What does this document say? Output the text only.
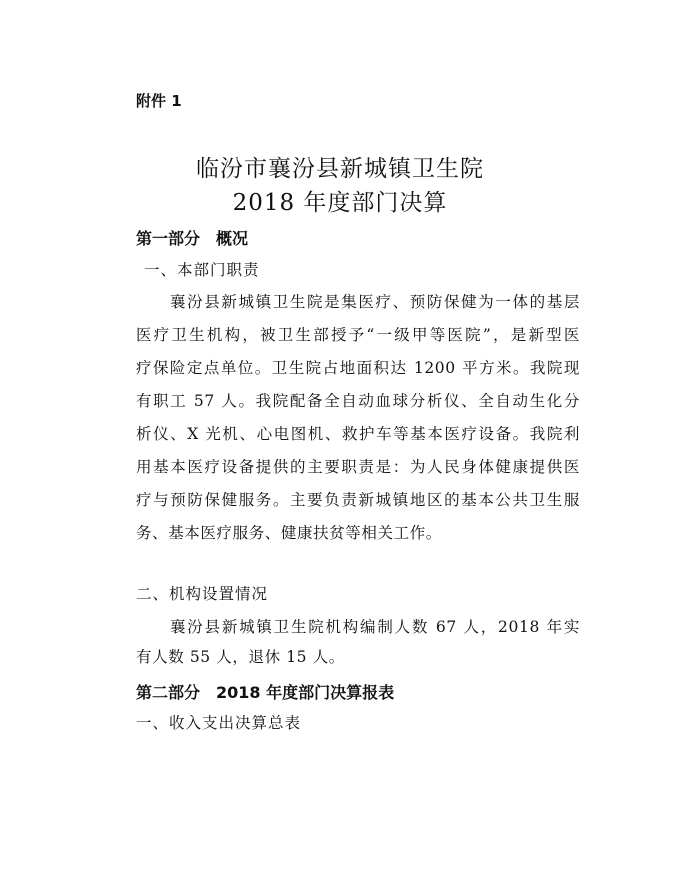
附件 1
临汾市襄汾县新城镇卫生院
2018 年度部门决算
第一部分　概况
一、本部门职责
襄汾县新城镇卫生院是集医疗、预防保健为一体的基层
医疗卫生机构，被卫生部授予“一级甲等医院”，是新型医
疗保险定点单位。卫生院占地面积达 1200 平方米。我院现
有职工 57 人。我院配备全自动血球分析仪、全自动生化分
析仪、X 光机、心电图机、救护车等基本医疗设备。我院利
用基本医疗设备提供的主要职责是：为人民身体健康提供医
疗与预防保健服务。主要负责新城镇地区的基本公共卫生服
务、基本医疗服务、健康扶贫等相关工作。
二、机构设置情况
襄汾县新城镇卫生院机构编制人数 67 人，2018 年实
有人数 55 人，退休 15 人。
第二部分　2018 年度部门决算报表
一、收入支出决算总表
